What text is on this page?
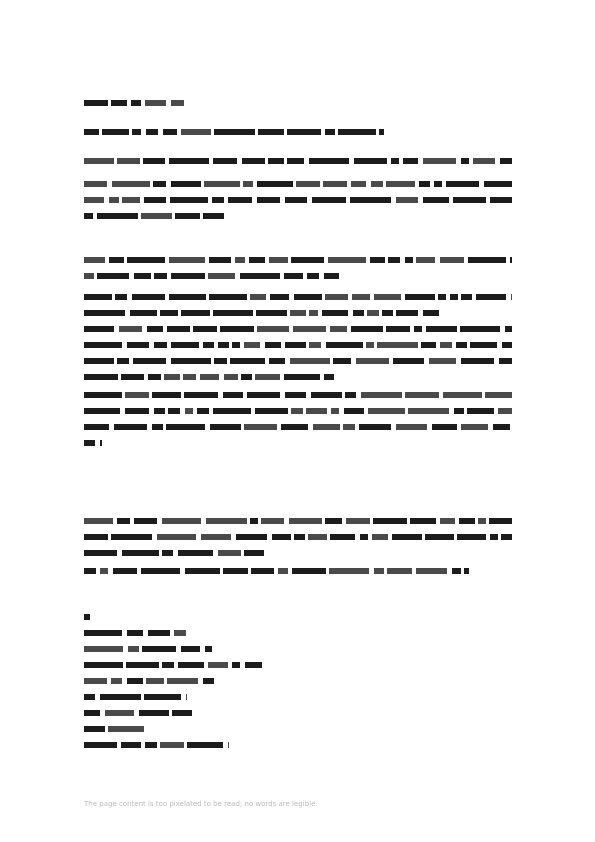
The page content is too pixelated to be read; no words are legible.
